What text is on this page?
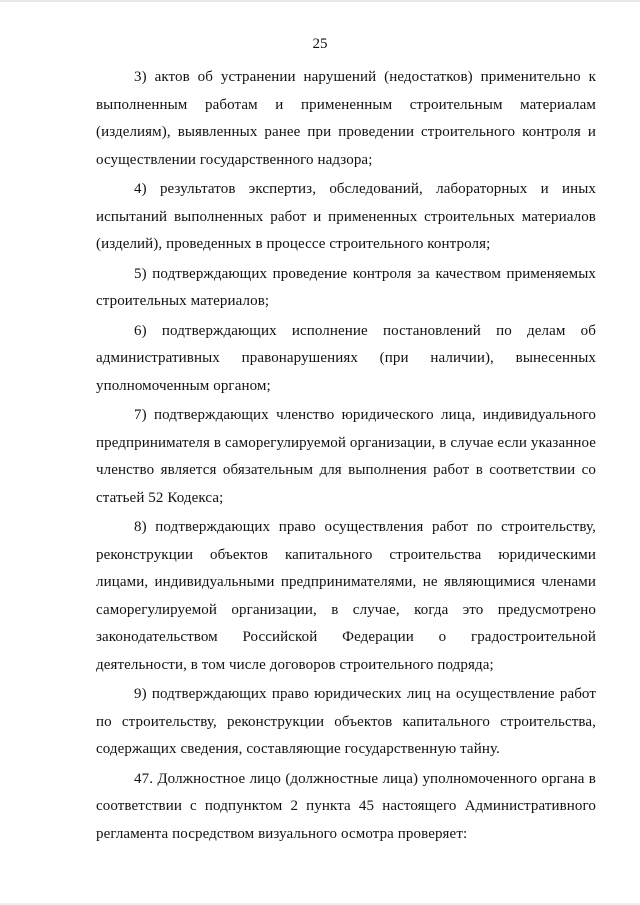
25

3) актов об устранении нарушений (недостатков) применительно к выполненным работам и примененным строительным материалам (изделиям), выявленных ранее при проведении строительного контроля и осуществлении государственного надзора;

4) результатов экспертиз, обследований, лабораторных и иных испытаний выполненных работ и примененных строительных материалов (изделий), проведенных в процессе строительного контроля;

5) подтверждающих проведение контроля за качеством применяемых строительных материалов;

6) подтверждающих исполнение постановлений по делам об административных правонарушениях (при наличии), вынесенных уполномоченным органом;

7) подтверждающих членство юридического лица, индивидуального предпринимателя в саморегулируемой организации, в случае если указанное членство является обязательным для выполнения работ в соответствии со статьей 52 Кодекса;

8) подтверждающих право осуществления работ по строительству, реконструкции объектов капитального строительства юридическими лицами, индивидуальными предпринимателями, не являющимися членами саморегулируемой организации, в случае, когда это предусмотрено законодательством Российской Федерации о градостроительной деятельности, в том числе договоров строительного подряда;

9) подтверждающих право юридических лиц на осуществление работ по строительству, реконструкции объектов капитального строительства, содержащих сведения, составляющие государственную тайну.

47. Должностное лицо (должностные лица) уполномоченного органа в соответствии с подпунктом 2 пункта 45 настоящего Административного регламента посредством визуального осмотра проверяет:
